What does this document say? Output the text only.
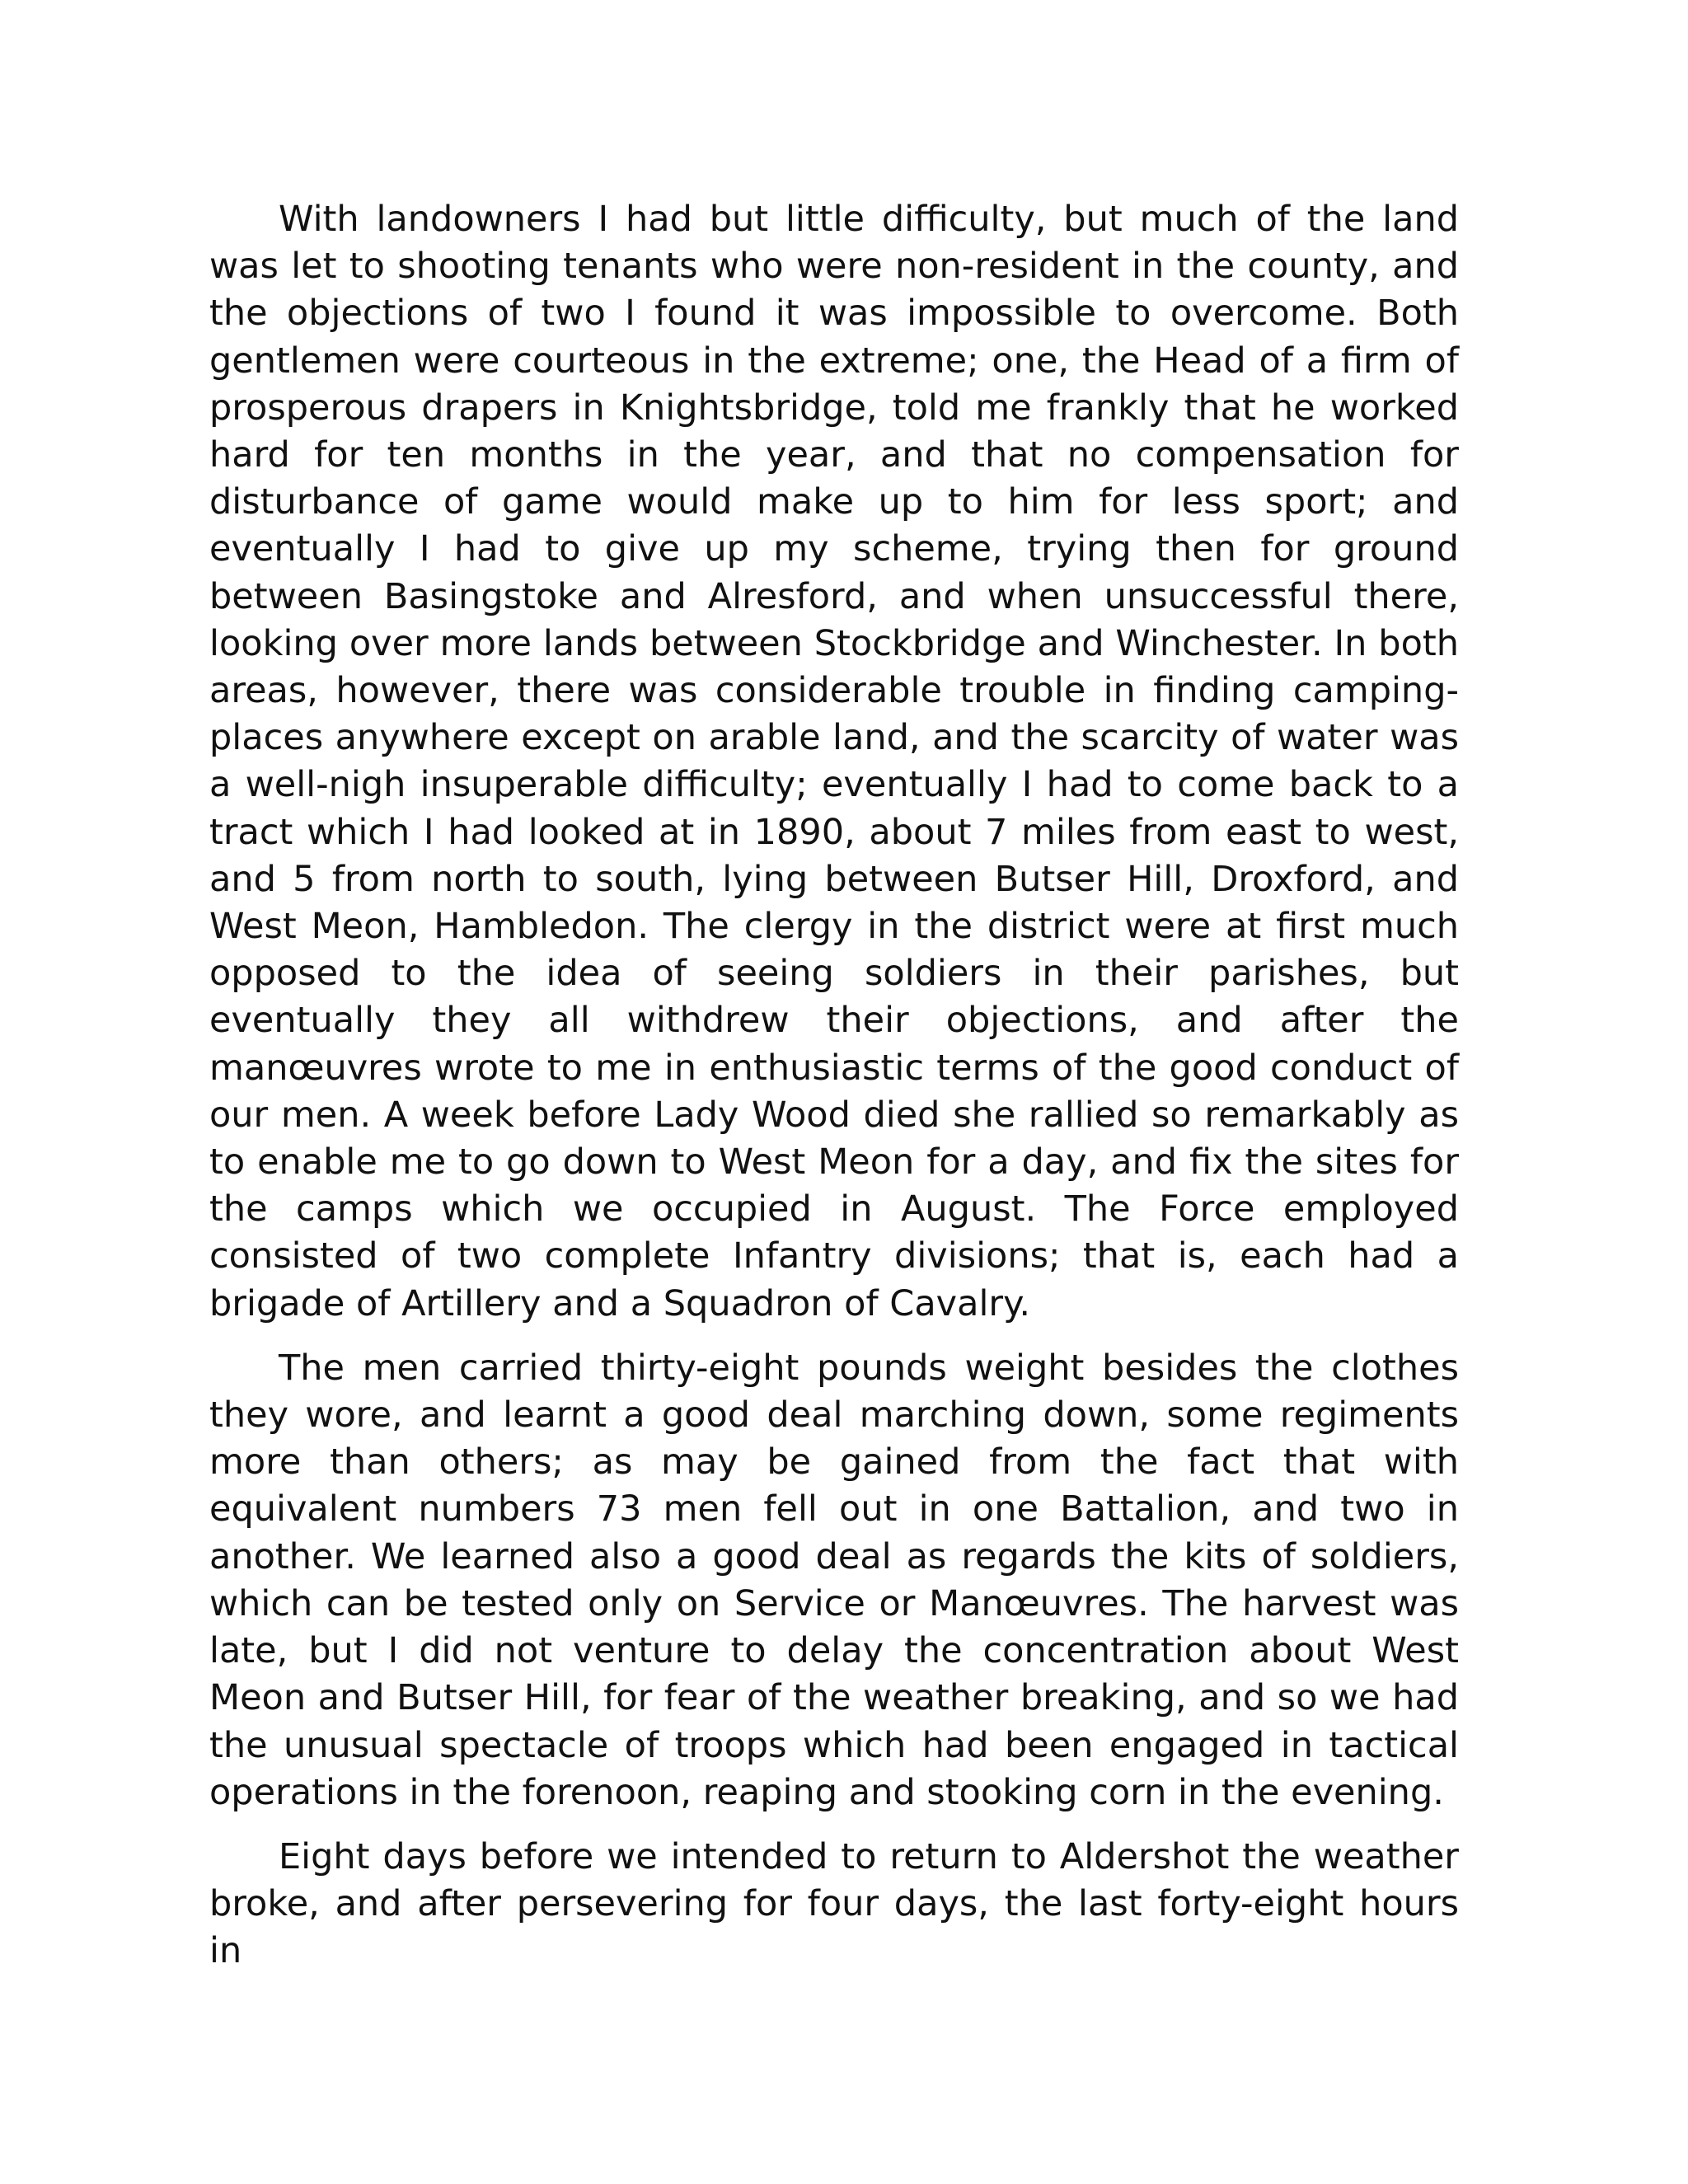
With landowners I had but little difficulty, but much of the land was let to shooting tenants who were non-resident in the county, and the objections of two I found it was impossible to overcome. Both gentlemen were courteous in the extreme; one, the Head of a firm of prosperous drapers in Knightsbridge, told me frankly that he worked hard for ten months in the year, and that no compensation for disturbance of game would make up to him for less sport; and eventually I had to give up my scheme, trying then for ground between Basingstoke and Alresford, and when unsuccessful there, looking over more lands between Stockbridge and Winchester. In both areas, however, there was considerable trouble in finding camping-places anywhere except on arable land, and the scarcity of water was a well-nigh insuperable difficulty; eventually I had to come back to a tract which I had looked at in 1890, about 7 miles from east to west, and 5 from north to south, lying between Butser Hill, Droxford, and West Meon, Hambledon. The clergy in the district were at first much opposed to the idea of seeing soldiers in their parishes, but eventually they all withdrew their objections, and after the manœuvres wrote to me in enthusiastic terms of the good conduct of our men. A week before Lady Wood died she rallied so remarkably as to enable me to go down to West Meon for a day, and fix the sites for the camps which we occupied in August. The Force employed consisted of two complete Infantry divisions; that is, each had a brigade of Artillery and a Squadron of Cavalry.

The men carried thirty-eight pounds weight besides the clothes they wore, and learnt a good deal marching down, some regiments more than others; as may be gained from the fact that with equivalent numbers 73 men fell out in one Battalion, and two in another. We learned also a good deal as regards the kits of soldiers, which can be tested only on Service or Manœuvres. The harvest was late, but I did not venture to delay the concentration about West Meon and Butser Hill, for fear of the weather breaking, and so we had the unusual spectacle of troops which had been engaged in tactical operations in the forenoon, reaping and stooking corn in the evening.

Eight days before we intended to return to Aldershot the weather broke, and after persevering for four days, the last forty-eight hours in
